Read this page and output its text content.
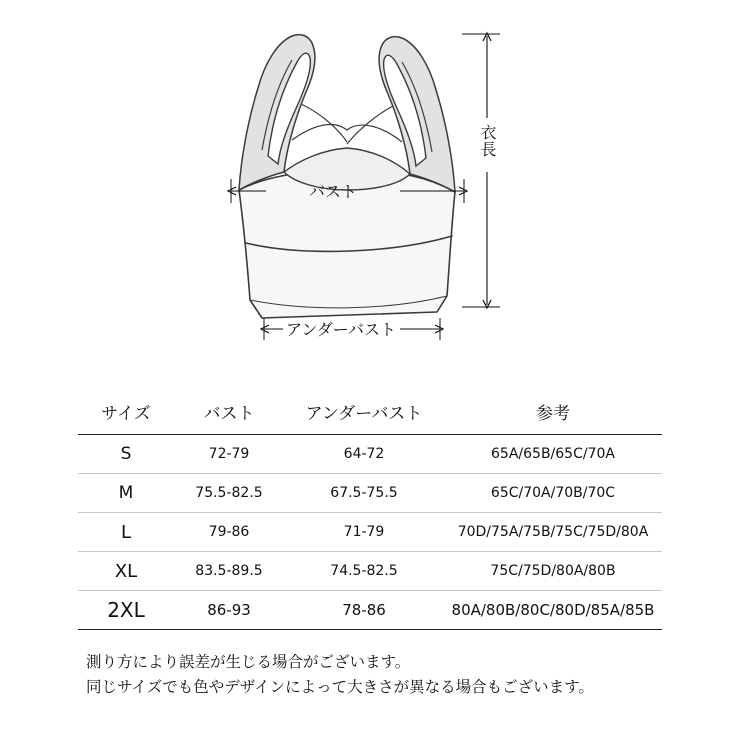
バスト
アンダーバスト
衣長
サイズ	バスト	アンダーバスト	参考
S	72-79	64-72	65A/65B/65C/70A
M	75.5-82.5	67.5-75.5	65C/70A/70B/70C
L	79-86	71-79	70D/75A/75B/75C/75D/80A
XL	83.5-89.5	74.5-82.5	75C/75D/80A/80B
2XL	86-93	78-86	80A/80B/80C/80D/85A/85B
測り方により誤差が生じる場合がございます。
同じサイズでも色やデザインによって大きさが異なる場合もございます。
